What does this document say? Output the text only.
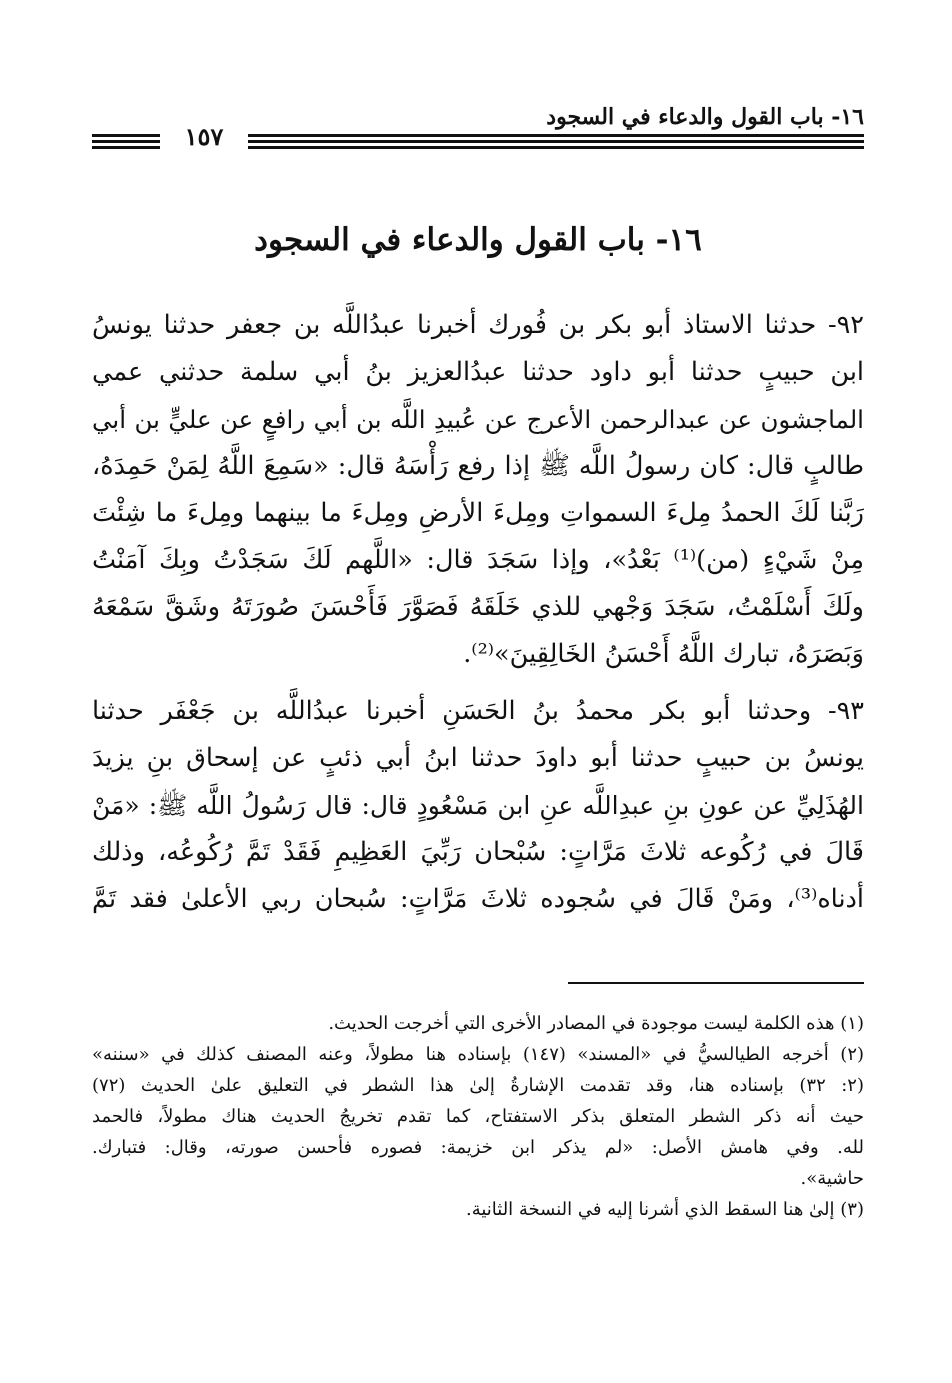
١٦- باب القول والدعاء في السجود
١٥٧
١٦- باب القول والدعاء في السجود
٩٢- حدثنا الاستاذ أبو بكر بن فُورك أخبرنا عبدُاللَّه بن جعفر حدثنا يونسُ
ابن حبيبٍ حدثنا أبو داود حدثنا عبدُالعزيز بنُ أبي سلمة حدثني عمي
الماجشون عن عبدالرحمن الأعرج عن عُبيدِ اللَّه بن أبي رافعٍ عن عليٍّ بن أبي
طالبٍ قال: كان رسولُ اللَّه ﷺ إذا رفع رَأْسَهُ قال: «سَمِعَ اللَّهُ لِمَنْ حَمِدَهُ،
رَبَّنا لَكَ الحمدُ مِلءَ السمواتِ ومِلءَ الأرضِ ومِلءَ ما بينهما ومِلءَ ما شِئْتَ
مِنْ شَيْءٍ (من)⁽¹⁾ بَعْدُ»، وإذا سَجَدَ قال: «اللَّهم لَكَ سَجَدْتُ وبِكَ آمَنْتُ
ولَكَ أَسْلَمْتُ، سَجَدَ وَجْهي للذي خَلَقَهُ فَصَوَّرَ فَأَحْسَنَ صُورَتَهُ وشَقَّ سَمْعَهُ
وَبَصَرَهُ، تبارك اللَّهُ أَحْسَنُ الخَالِقِينَ»⁽²⁾.
٩٣- وحدثنا أبو بكر محمدُ بنُ الحَسَنِ أخبرنا عبدُاللَّه بن جَعْفَر حدثنا
يونسُ بن حبيبٍ حدثنا أبو داودَ حدثنا ابنُ أبي ذئبٍ عن إسحاق بنِ يزيدَ
الهُذَلِيِّ عن عونِ بنِ عبدِاللَّه عنِ ابن مَسْعُودٍ قال: قال رَسُولُ اللَّه ﷺ: «مَنْ
قَالَ في رُكُوعه ثلاثَ مَرَّاتٍ: سُبْحان رَبِّيَ العَظِيمِ فَقَدْ تَمَّ رُكُوعُه، وذلك
أدناه⁽³⁾، ومَنْ قَالَ في سُجوده ثلاثَ مَرَّاتٍ: سُبحان ربي الأعلىٰ فقد تَمَّ
(١) هذه الكلمة ليست موجودة في المصادر الأخرى التي أخرجت الحديث.
(٢) أخرجه الطيالسيُّ في «المسند» (١٤٧) بإسناده هنا مطولاً، وعنه المصنف كذلك في «سننه»
(٢: ٣٢) بإسناده هنا، وقد تقدمت الإشارةُ إلىٰ هذا الشطر في التعليق علىٰ الحديث (٧٢)
حيث أنه ذكر الشطر المتعلق بذكر الاستفتاح، كما تقدم تخريجُ الحديث هناك مطولاً، فالحمد
لله. وفي هامش الأصل: «لم يذكر ابن خزيمة: فصوره فأحسن صورته، وقال: فتبارك.
حاشية».
(٣) إلىٰ هنا السقط الذي أشرنا إليه في النسخة الثانية.
